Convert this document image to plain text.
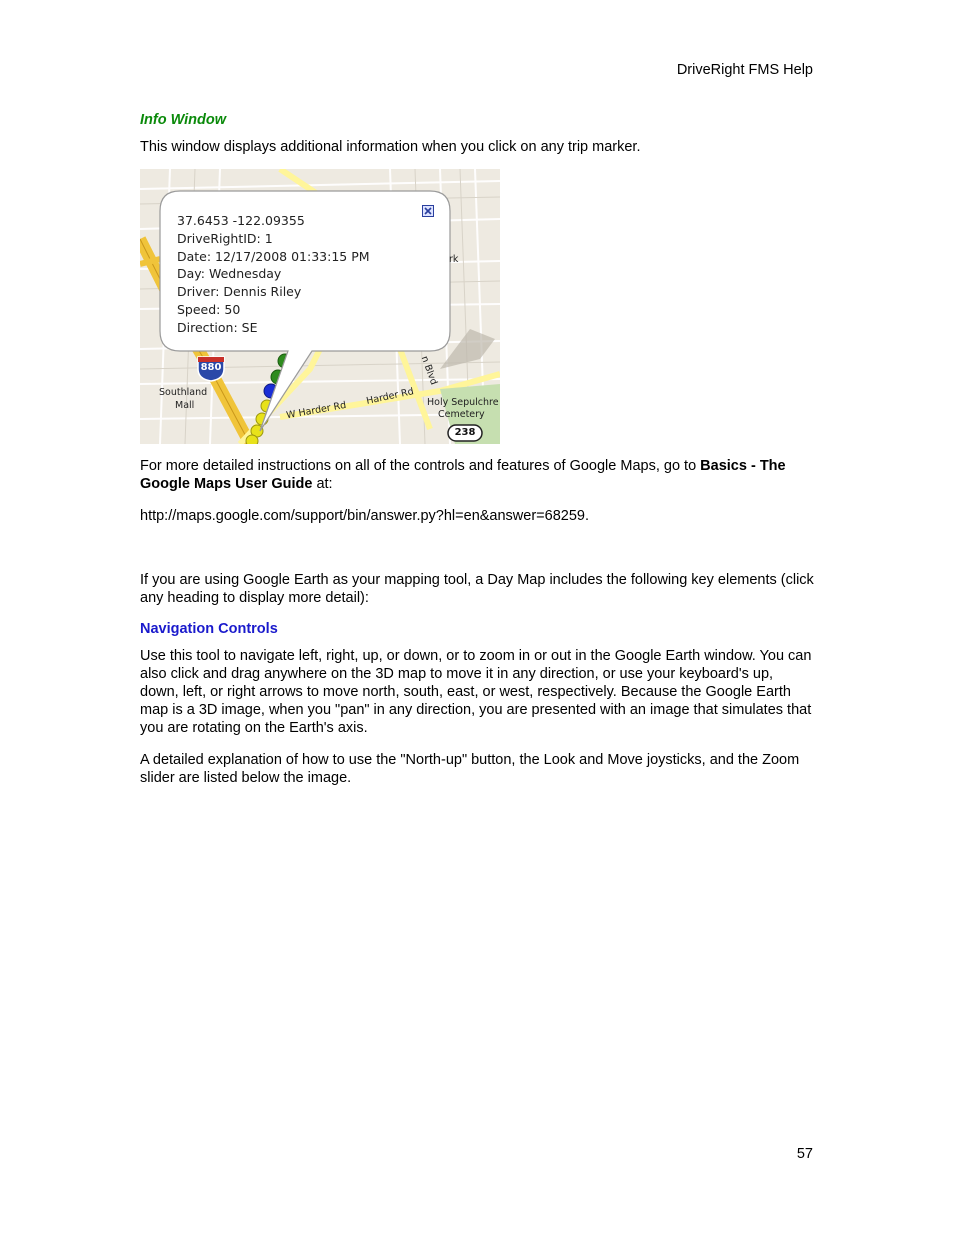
DriveRight FMS Help
Info Window

This window displays additional information when you click on any trip marker.

37.6453 -122.09355
DriveRightID: 1
Date: 12/17/2008 01:33:15 PM
Day: Wednesday
Driver: Dennis Riley
Speed: 50
Direction: SE
880
238
Southland
Mall	W Harder Rd
Harder Rd Holy Sepulchre
Cemetery
n Blvd
rk

For more detailed instructions on all of the controls and features of Google Maps, go to Basics - The Google Maps User Guide at:

http://maps.google.com/support/bin/answer.py?hl=en&answer=68259.

If you are using Google Earth as your mapping tool, a Day Map includes the following key elements (click any heading to display more detail):

Navigation Controls

Use this tool to navigate left, right, up, or down, or to zoom in or out in the Google Earth window. You can also click and drag anywhere on the 3D map to move it in any direction, or use your keyboard's up, down, left, or right arrows to move north, south, east, or west, respectively. Because the Google Earth map is a 3D image, when you "pan" in any direction, you are presented with an image that simulates that you are rotating on the Earth's axis.

A detailed explanation of how to use the "North-up" button, the Look and Move joysticks, and the Zoom slider are listed below the image.

57
